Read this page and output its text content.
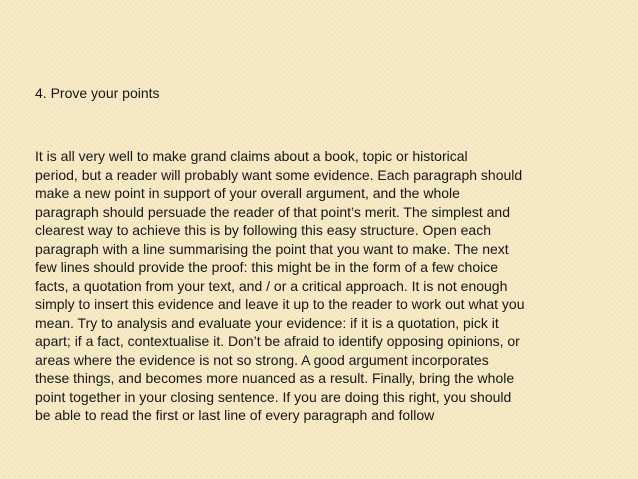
4. Prove your points
It is all very well to make grand claims about a book, topic or historical
period, but a reader will probably want some evidence. Each paragraph should
make a new point in support of your overall argument, and the whole
paragraph should persuade the reader of that point’s merit. The simplest and
clearest way to achieve this is by following this easy structure. Open each
paragraph with a line summarising the point that you want to make. The next
few lines should provide the proof: this might be in the form of a few choice
facts, a quotation from your text, and / or a critical approach. It is not enough
simply to insert this evidence and leave it up to the reader to work out what you
mean. Try to analysis and evaluate your evidence: if it is a quotation, pick it
apart; if a fact, contextualise it. Don’t be afraid to identify opposing opinions, or
areas where the evidence is not so strong. A good argument incorporates
these things, and becomes more nuanced as a result. Finally, bring the whole
point together in your closing sentence. If you are doing this right, you should
be able to read the first or last line of every paragraph and follow
